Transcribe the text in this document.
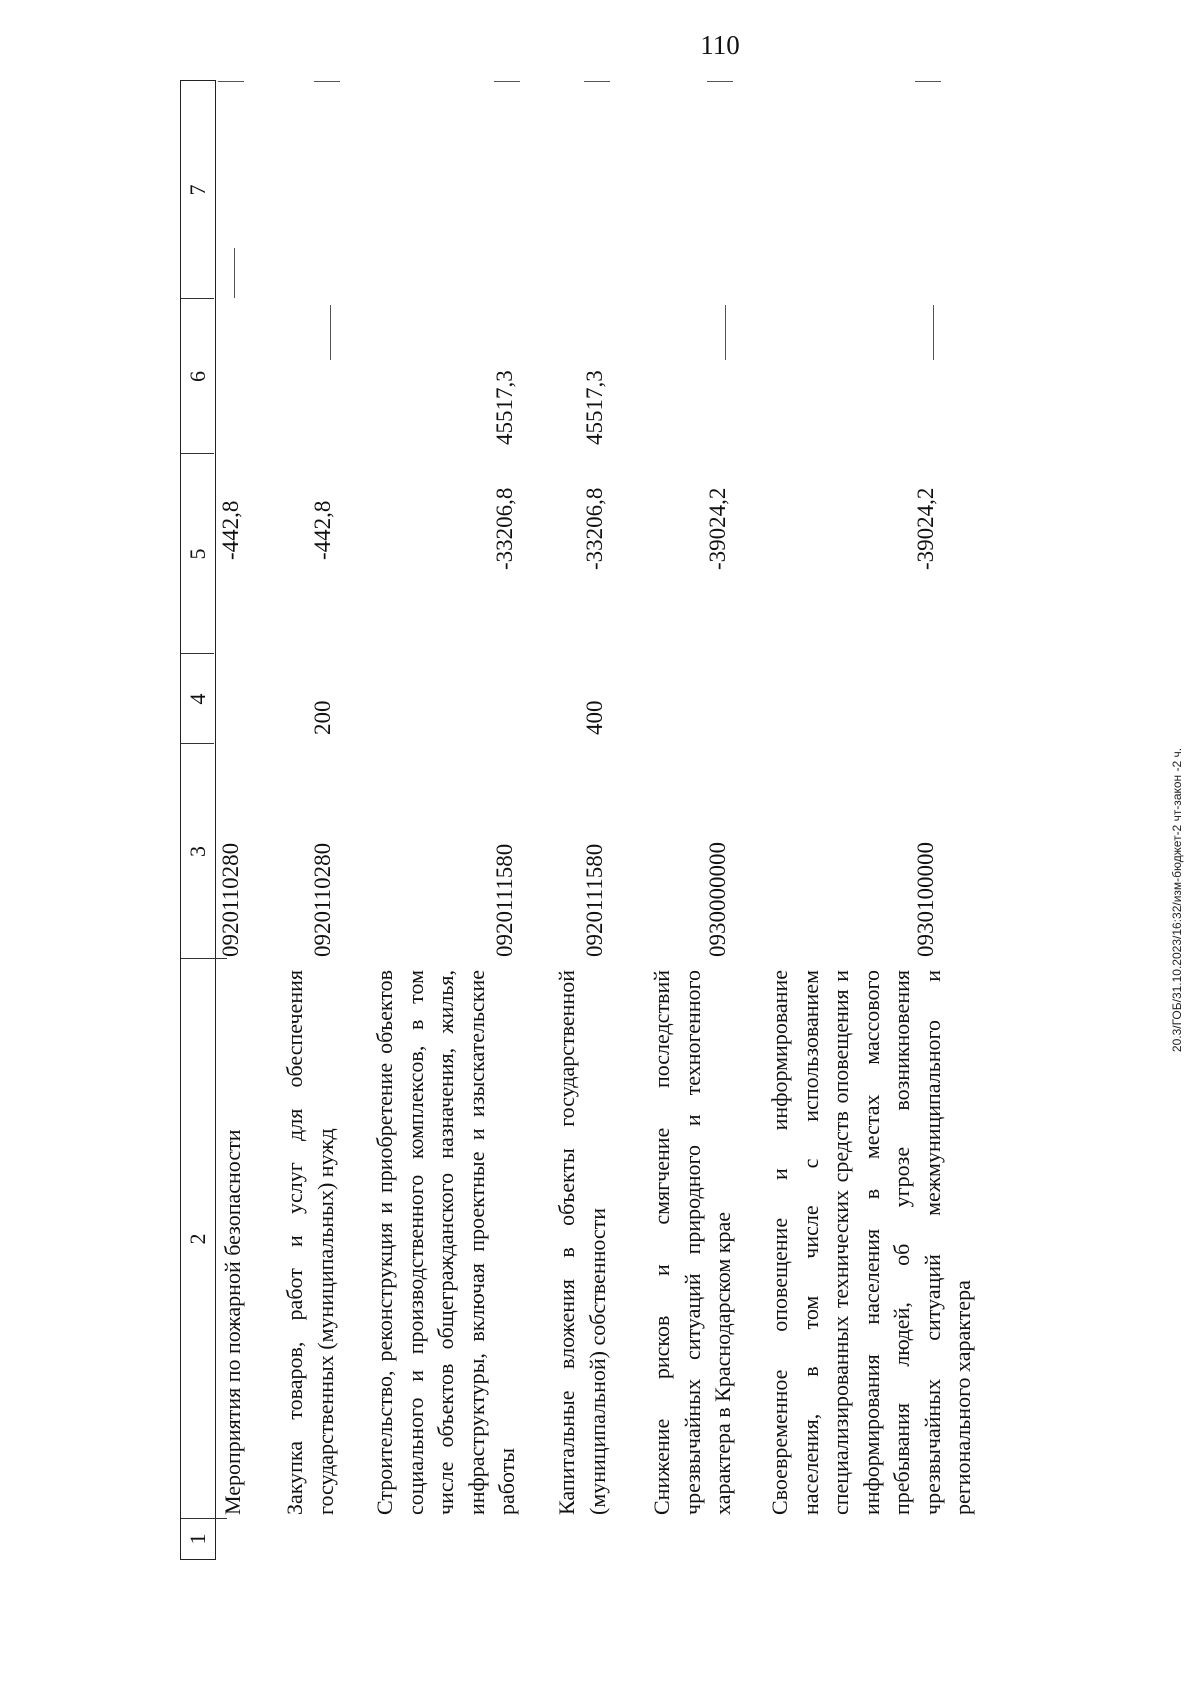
110
20.3/ГОБ/31.10.2023/16:32/изм-бюджет-2 чт-закон -2 ч.
1
2
3
4
5
6
7
Мероприятия по пожарной безопасности
0920110280
-442,8
Закупка товаров, работ и услуг для обеспечения государственных (муниципальных) нужд
0920110280
200
-442,8
Строительство, реконструкция и приобретение объектов социального и производственного комплексов, в том числе объектов общегражданского назначения, жилья, инфраструктуры, включая проектные и изыскательские работы
0920111580
-33206,8
45517,3
Капитальные вложения в объекты государственной (муниципальной) собственности
0920111580
400
-33206,8
45517,3
Снижение рисков и смягчение последствий чрезвычайных ситуаций природного и техногенного характера в Краснодарском крае
0930000000
-39024,2
Своевременное оповещение и информирование населения, в том числе с использованием специализированных технических средств оповещения и информирования населения в местах массового пребывания людей, об угрозе возникновения чрезвычайных ситуаций межмуниципального и регионального характера
0930100000
-39024,2
